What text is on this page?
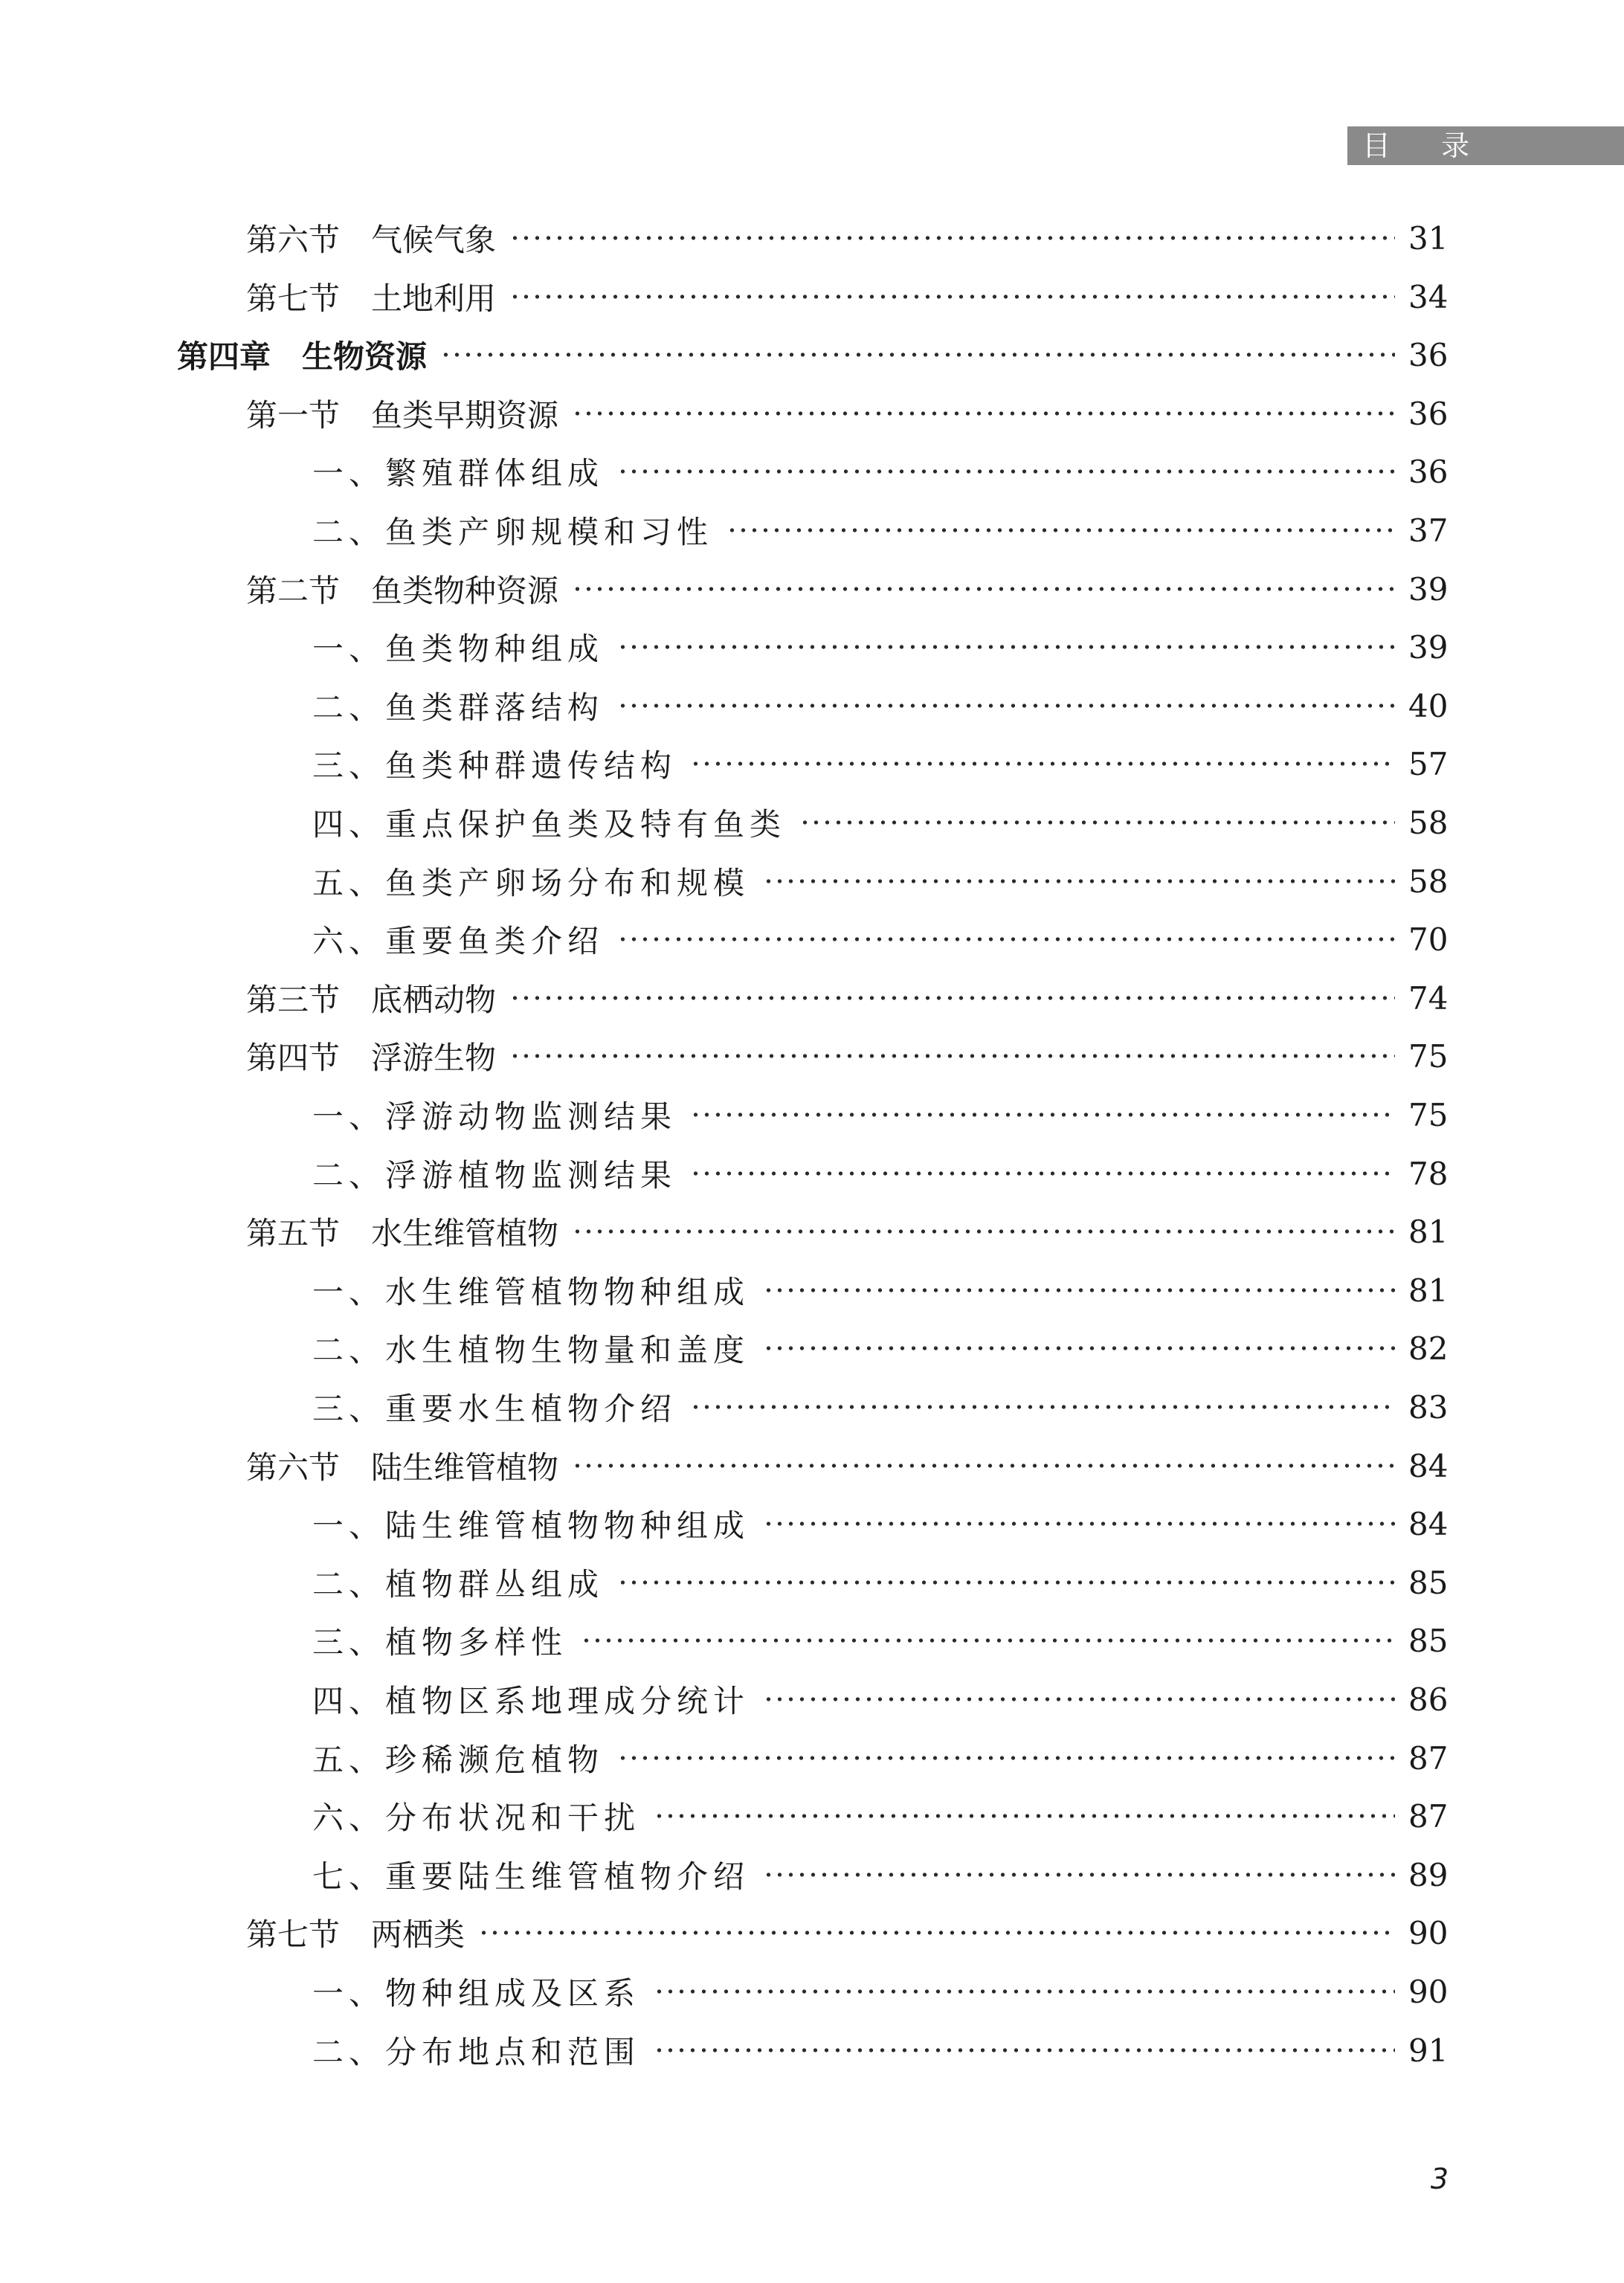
目 录
第六节　气候气象	31
第七节　土地利用	34
第四章　生物资源	36
第一节　鱼类早期资源	36
一、繁殖群体组成	36
二、鱼类产卵规模和习性	37
第二节　鱼类物种资源	39
一、鱼类物种组成	39
二、鱼类群落结构	40
三、鱼类种群遗传结构	57
四、重点保护鱼类及特有鱼类	58
五、鱼类产卵场分布和规模	58
六、重要鱼类介绍	70
第三节　底栖动物	74
第四节　浮游生物	75
一、浮游动物监测结果	75
二、浮游植物监测结果	78
第五节　水生维管植物	81
一、水生维管植物物种组成	81
二、水生植物生物量和盖度	82
三、重要水生植物介绍	83
第六节　陆生维管植物	84
一、陆生维管植物物种组成	84
二、植物群丛组成	85
三、植物多样性	85
四、植物区系地理成分统计	86
五、珍稀濒危植物	87
六、分布状况和干扰	87
七、重要陆生维管植物介绍	89
第七节　两栖类	90
一、物种组成及区系	90
二、分布地点和范围	91
3
